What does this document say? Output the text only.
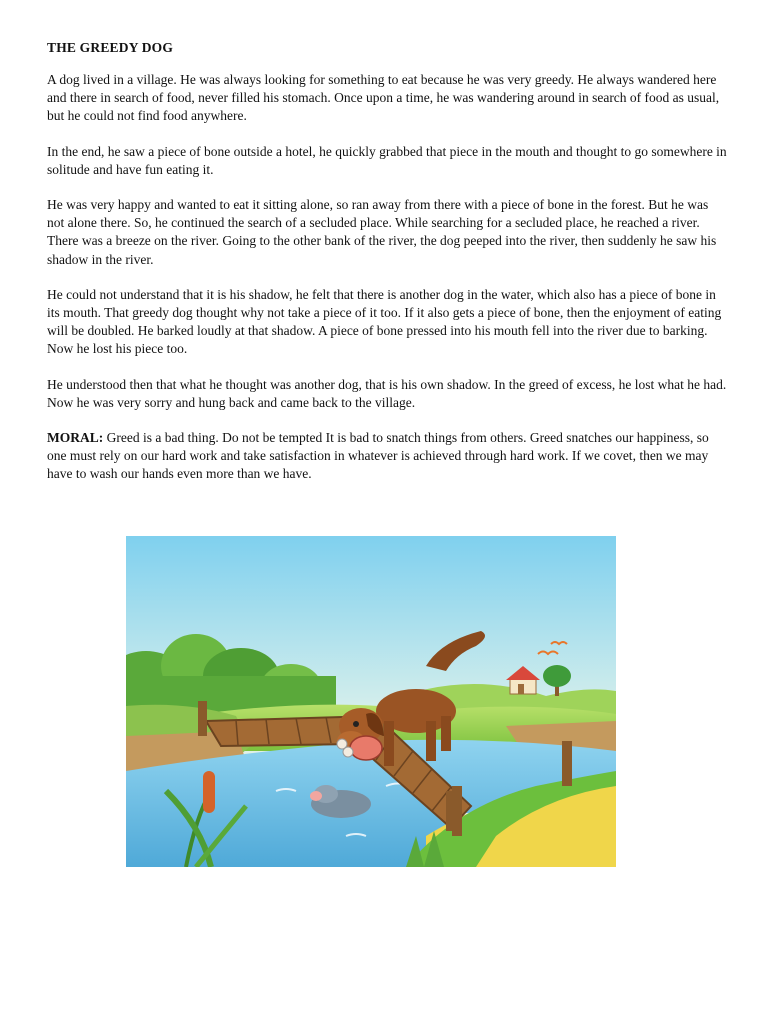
THE GREEDY DOG

A dog lived in a village. He was always looking for something to eat because he was very greedy. He always wandered here and there in search of food, never filled his stomach. Once upon a time, he was wandering around in search of food as usual, but he could not find food anywhere.

In the end, he saw a piece of bone outside a hotel, he quickly grabbed that piece in the mouth and thought to go somewhere in solitude and have fun eating it.

He was very happy and wanted to eat it sitting alone, so ran away from there with a piece of bone in the forest. But he was not alone there. So, he continued the search of a secluded place. While searching for a secluded place, he reached a river. There was a breeze on the river. Going to the other bank of the river, the dog peeped into the river, then suddenly he saw his shadow in the river.

He could not understand that it is his shadow, he felt that there is another dog in the water, which also has a piece of bone in its mouth. That greedy dog thought why not take a piece of it too. If it also gets a piece of bone, then the enjoyment of eating will be doubled. He barked loudly at that shadow. A piece of bone pressed into his mouth fell into the river due to barking. Now he lost his piece too.

He understood then that what he thought was another dog, that is his own shadow. In the greed of excess, he lost what he had. Now he was very sorry and hung back and came back to the village.

MORAL: Greed is a bad thing. Do not be tempted It is bad to snatch things from others. Greed snatches our happiness, so one must rely on our hard work and take satisfaction in whatever is achieved through hard work. If we covet, then we may have to wash our hands even more than we have.
